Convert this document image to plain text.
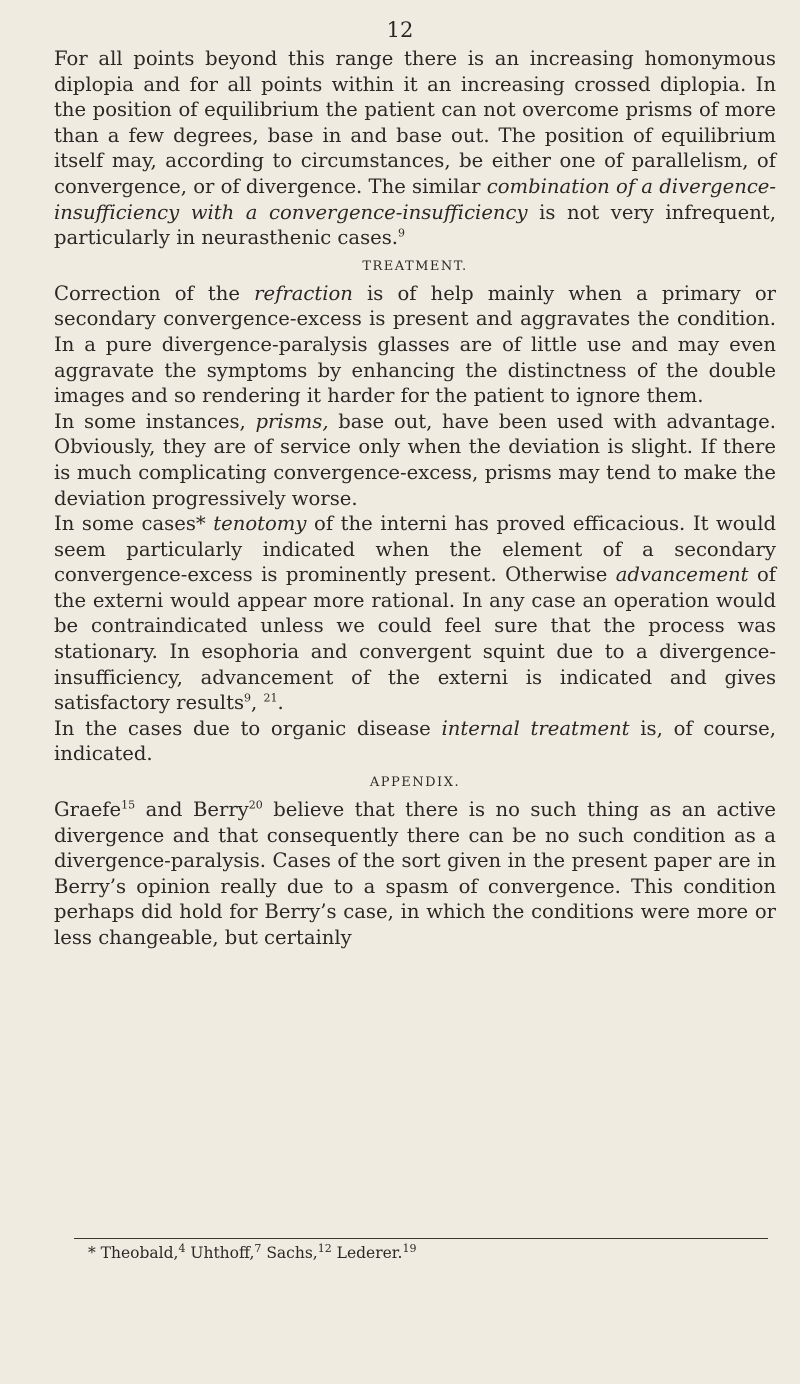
12

For all points beyond this range there is an increasing homonymous diplopia and for all points within it an increasing crossed diplopia. In the position of equilibrium the patient can not overcome prisms of more than a few degrees, base in and base out. The position of equilibrium itself may, according to circumstances, be either one of parallelism, of convergence, or of divergence. The similar combination of a divergence-insufficiency with a convergence-insufficiency is not very infrequent, particularly in neurasthenic cases.$^9$

TREATMENT.

Correction of the refraction is of help mainly when a primary or secondary convergence-excess is present and aggravates the condition. In a pure divergence-paralysis glasses are of little use and may even aggravate the symptoms by enhancing the distinctness of the double images and so rendering it harder for the patient to ignore them.

In some instances, prisms, base out, have been used with advantage. Obviously, they are of service only when the deviation is slight. If there is much complicating convergence-excess, prisms may tend to make the deviation progressively worse.

In some cases* tenotomy of the interni has proved efficacious. It would seem particularly indicated when the element of a secondary convergence-excess is prominently present. Otherwise advancement of the externi would appear more rational. In any case an operation would be contraindicated unless we could feel sure that the process was stationary. In esophoria and convergent squint due to a divergence-insufficiency, advancement of the externi is indicated and gives satisfactory results$^9$, $^{21}$.

In the cases due to organic disease internal treatment is, of course, indicated.

APPENDIX.

Graefe$^{15}$ and Berry$^{20}$ believe that there is no such thing as an active divergence and that consequently there can be no such condition as a divergence-paralysis. Cases of the sort given in the present paper are in Berry’s opinion really due to a spasm of convergence. This condition perhaps did hold for Berry’s case, in which the conditions were more or less changeable, but certainly

* Theobald,$^4$ Uhthoff,$^7$ Sachs,$^{12}$ Lederer.$^{19}$
